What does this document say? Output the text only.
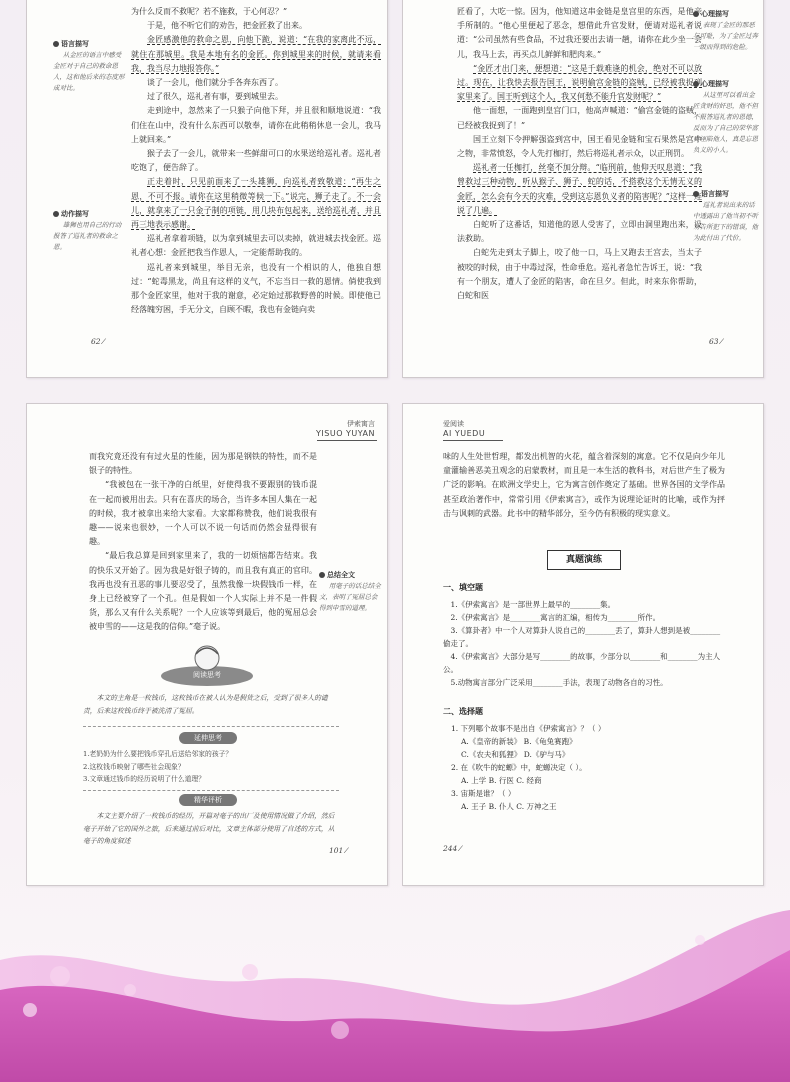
为什么反而不救呢？若不施救，于心何忍？”

于是，他不听它们的劝告，把金匠救了出来。

金匠感激他的救命之恩，向他下跪，说道：“在我的家离此不远，就住在那城里。我是本地有名的金匠。你到城里来的时候，就请来看我，我当尽力地报答你。”

谈了一会儿，他们就分手各奔东西了。

过了很久，巡礼者有事，要到城里去。

走到途中，忽然来了一只猴子向他下拜，并且很和顺地说道：“我们住在山中，没有什么东西可以敬奉，请你在此稍稍休息一会儿，我马上就回来。”

猴子去了一会儿，就带来一些鲜甜可口的水果送给巡礼者。巡礼者吃饱了，便告辞了。

正走着时，只见前面来了一头雄狮，向巡礼者致敬道：“再生之恩，不可不报。请你在这里稍微等候一下。”说完，狮子走了。不一会儿，就拿来了一只金子制的项链，用几块布包起来，送给巡礼者，并且再三地表示感谢。

巡礼者拿着项链，以为拿到城里去可以卖掉，就进城去找金匠。巡礼者心想：金匠把我当作恩人，一定能帮助我的。

巡礼者来到城里，举目无亲，也没有一个相识的人，他独自想过：“蛇毒黑龙，尚且有这样的义气，不忘当日一救的恩情。倘使我到那个金匠家里，他对于我的谢意，必定始过那救野兽的时候。即使他已经落魄穷困，手无分文，自顾不暇，我也有金链向卖

语言描写
从金匠的语言中感受金匠对于自己的救命恩人，这和他后来的态度形成对比。
动作描写
雄狮也用自己的行动报答了巡礼者的救命之恩。
62 ⁄

匠看了，大吃一惊。因为，他知道这串金链是皇宫里的东西，是他亲手所制的。“他心里便起了恶念，想借此升官发财，便请对巡礼者说道：“公司虽然有些食品，不过我还要出去请一趟，请你在此少坐一会儿，我马上去，再买点儿鲜鲜和肥肉来。”

“金匠才出门来，便想道：“这是千载难逢的机会，绝对不可以放过。现在，让我快去报告国王，说明偷宫金链的盗贼，已经被我捉到家里来了。国王听到这个人，我又何愁不能升官发财呢？”

他一面想，一面跑到皇宫门口，他高声喊道：“偷宫金链的盗贼，已经被我捉到了！”

国王立刻下令押解强盗到宫中，国王看见金链和宝石果然是宫中之物，非常愤怒，令人先打枷打，然后将巡礼者示众，以正刑罚。

巡礼者一任枷打，丝毫不加分辩。“临刑前，他仰天叹息道：“我曾救过三种动物，听从猴子、狮子、蛇的话，不搭救这个无情无义的金匠，怎么会有今天的灾难，受到这忘恩负义者的陷害呢？”这样一连说了几遍。

白蛇听了这番话，知道他的恩人受害了，立即由洞里跑出来，设法救助。

白蛇先走到太子脚上，咬了他一口，马上又跑去王宫去，当太子被咬的时候，由于中毒过深，性命垂危。巡礼者急忙告诉王，说：“我有一个朋友，遭人了金匠的陷害，命在旦夕。但此，时来东你帮助，白蛇和医

心理描写
表现了金匠的那恶与可耻，为了金匠过奔一级而得到的危险。
心理描写
从这里可以看出金匠贪财的奸思，他不但不报答巡礼者的恩德，反而为了自己的荣华富贵诬陷他人，真是忘恩负义的小人。
语言描写
巡礼者说出来的话中透露出了他当初不听劝告所犯下的错误，他为此付出了代价。
63 ⁄
伊索寓言
YISUO YUYAN

而我究竟还没有有过火星的性能，因为那是钢铁的特性，而不是银子的特性。

“我被包在一张干净的白纸里，好使得我不要跟别的钱币混在一起而被用出去。只有在喜庆的场合，当许多本国人集在一起的时候，我才被拿出来给大家看。大家都称赞我，他们说我很有趣——说来也很妙，一个人可以不说一句话而仍然会显得很有趣。

“最后我总算是回到家里来了，我的一切烦恼都告结束。我的快乐又开始了。因为我是好银子铸的，而且我有真正的官印。我再也没有丑恶的事儿要忍受了，虽然我像一块假钱币一样，在身上已经被穿了一个孔。但是假如一个人实际上并不是一件假货，那么又有什么关系呢？一个人应该等到最后，他的冤屈总会被申雪的——这是我的信仰。”毫子说。

总结全文
用毫子的话总结全文，表明了冤屈总会得到申雪的道理。
阅读思考
本文的主角是一枚钱币，这枚钱币在被人认为是假货之后，受到了很多人的谴责，后来这枚钱币终于被洗清了冤屈。
延伸思考
1.老奶奶为什么要把钱币穿孔后送给邻家的孩子？
2.这枚钱币映射了哪些社会现象？
3.文章通过钱币的经历说明了什么道理？
精华评析
本文主要介绍了一枚钱币的经历，开篇对毫子的出厂及使用情况做了介绍，然后毫子开始了它的国外之旅，后来通过前后对比，文章主体部分使用了自述的方式，从毫子的角度叙述
101 ⁄
爱阅读
AI YUEDU

味的人生处世哲理，都发出机智的火花，蕴含着深刻的寓意。它不仅是向少年儿童灌输善恶美丑观念的启蒙教材，而且是一本生活的教科书，对后世产生了极为广泛的影响。在欧洲文学史上，它为寓言创作奠定了基础。世界各国的文学作品甚至政治著作中，常常引用《伊索寓言》，或作为说理论证时的比喻，或作为抨击与讽刺的武器。此书中的精华部分，至今仍有积极的现实意义。

真题演练
一、填空题
1.《伊索寓言》是一部世界上最早的________集。
2.《伊索寓言》是________寓言的汇编，相传为________所作。
3.《算卦者》中一个人对算卦人说自己的________丢了，算卦人想到是被________偷走了。
4.《伊索寓言》大部分是写________的故事，少部分以________和________为主人公。
5.动物寓言部分广泛采用________手法，表现了动物各自的习性。
二、选择题
1. 下列哪个故事不是出自《伊索寓言》？（ ）
A.《皇帝的新装》 B.《龟兔赛跑》
C.《农夫和狐狸》 D.《驴与马》
2. 在《吹牛的蛇螈》中，蛇螈决定（ ）。
A. 上学 B. 行医 C. 经商
3. 宙斯是谁？（ ）
A. 王子 B. 仆人 C. 万神之王
244 ⁄
